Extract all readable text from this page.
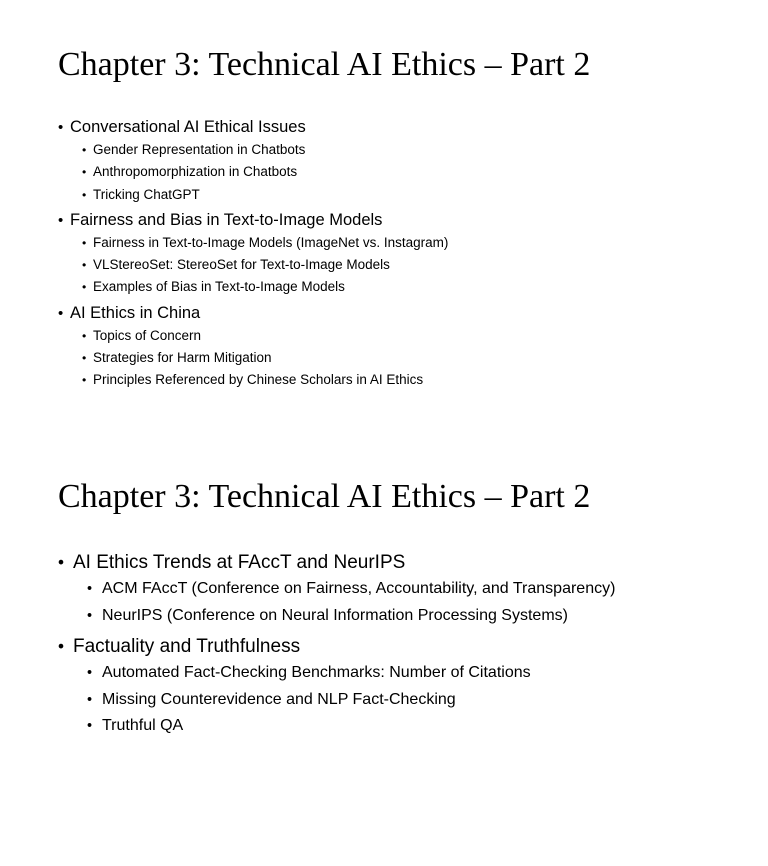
Chapter 3: Technical AI Ethics – Part 2
• Conversational AI Ethical Issues
• Gender Representation in Chatbots
• Anthropomorphization in Chatbots
• Tricking ChatGPT
• Fairness and Bias in Text-to-Image Models
• Fairness in Text-to-Image Models (ImageNet vs. Instagram)
• VLStereoSet: StereoSet for Text-to-Image Models
• Examples of Bias in Text-to-Image Models
• AI Ethics in China
• Topics of Concern
• Strategies for Harm Mitigation
• Principles Referenced by Chinese Scholars in AI Ethics
Chapter 3: Technical AI Ethics – Part 2
• AI Ethics Trends at FAccT and NeurIPS
• ACM FAccT (Conference on Fairness, Accountability, and Transparency)
• NeurIPS (Conference on Neural Information Processing Systems)
• Factuality and Truthfulness
• Automated Fact-Checking Benchmarks: Number of Citations
• Missing Counterevidence and NLP Fact-Checking
• Truthful QA
